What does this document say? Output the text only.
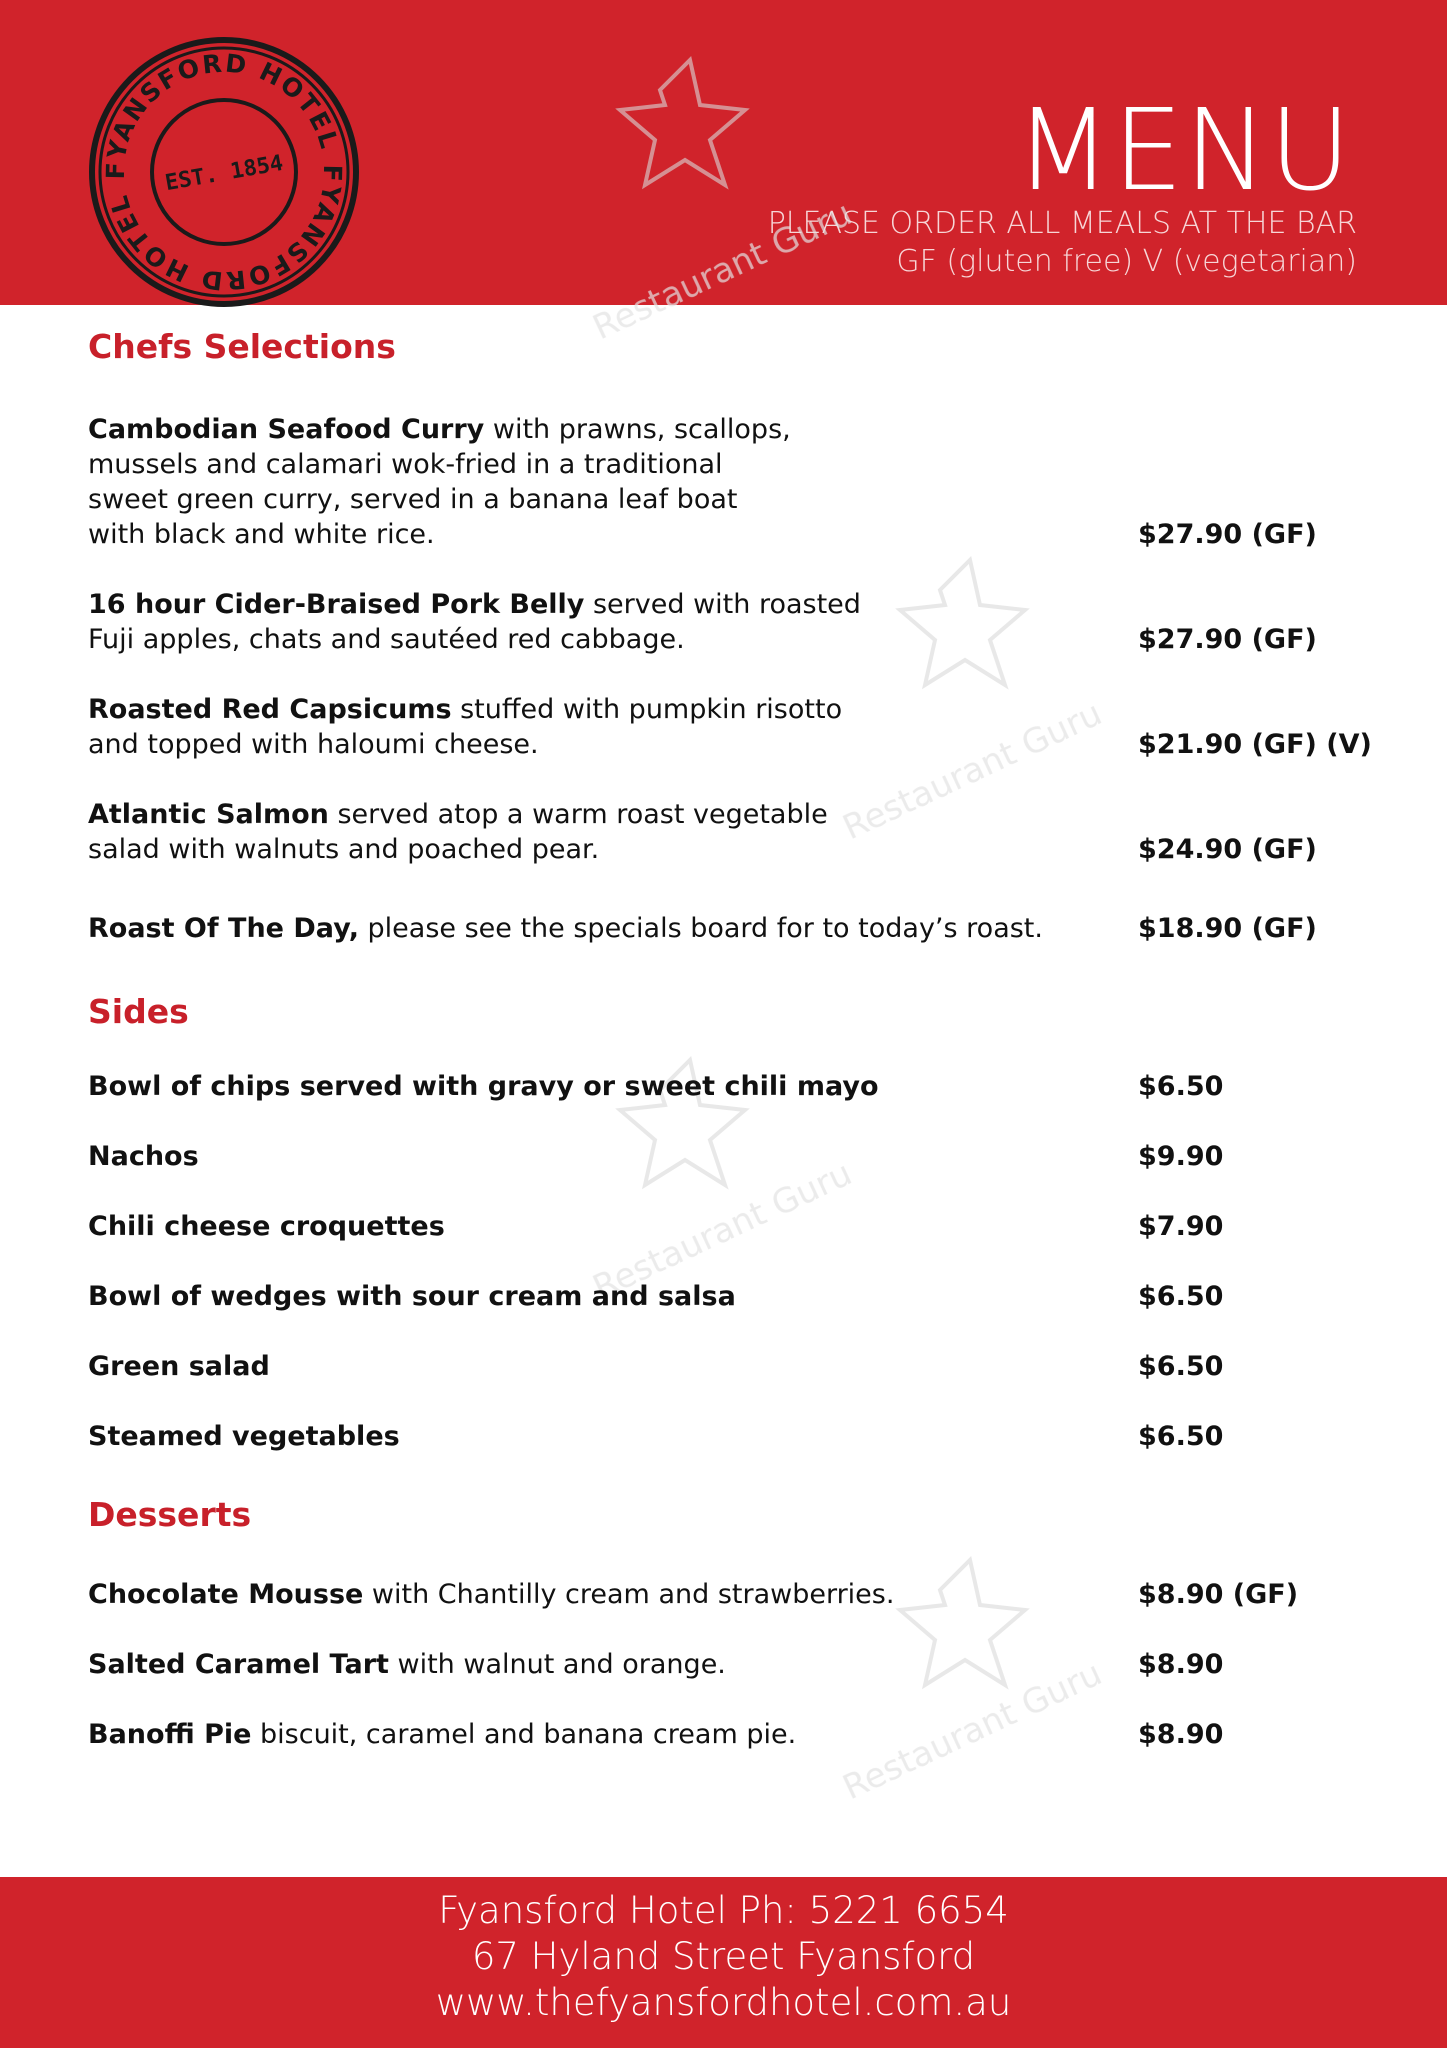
FYANSFORD HOTEL
FYANSFORD HOTEL
EST. 1854	MENU
PLEASE ORDER ALL MEALS AT THE BAR
GF (gluten free) V (vegetarian)
Restaurant Guru
Restaurant Guru
Restaurant Guru
Restaurant Guru
Chefs Selections
Cambodian Seafood Curry with prawns, scallops,
mussels and calamari wok-fried in a traditional
sweet green curry, served in a banana leaf boat
with black and white rice.	$27.90 (GF)
16 hour Cider-Braised Pork Belly served with roasted
Fuji apples, chats and sautéed red cabbage.	$27.90 (GF)
Roasted Red Capsicums stuffed with pumpkin risotto
and topped with haloumi cheese.	$21.90 (GF) (V)
Atlantic Salmon served atop a warm roast vegetable
salad with walnuts and poached pear.	$24.90 (GF)
Roast Of The Day, please see the specials board for to today’s roast.	$18.90 (GF)
Sides
Bowl of chips served with gravy or sweet chili mayo	$6.50
Nachos	$9.90
Chili cheese croquettes	$7.90
Bowl of wedges with sour cream and salsa	$6.50
Green salad	$6.50
Steamed vegetables	$6.50
Desserts
Chocolate Mousse with Chantilly cream and strawberries.	$8.90 (GF)
Salted Caramel Tart with walnut and orange.	$8.90
Banoffi Pie biscuit, caramel and banana cream pie.	$8.90
Fyansford Hotel Ph: 5221 6654
67 Hyland Street Fyansford
www.thefyansfordhotel.com.au
